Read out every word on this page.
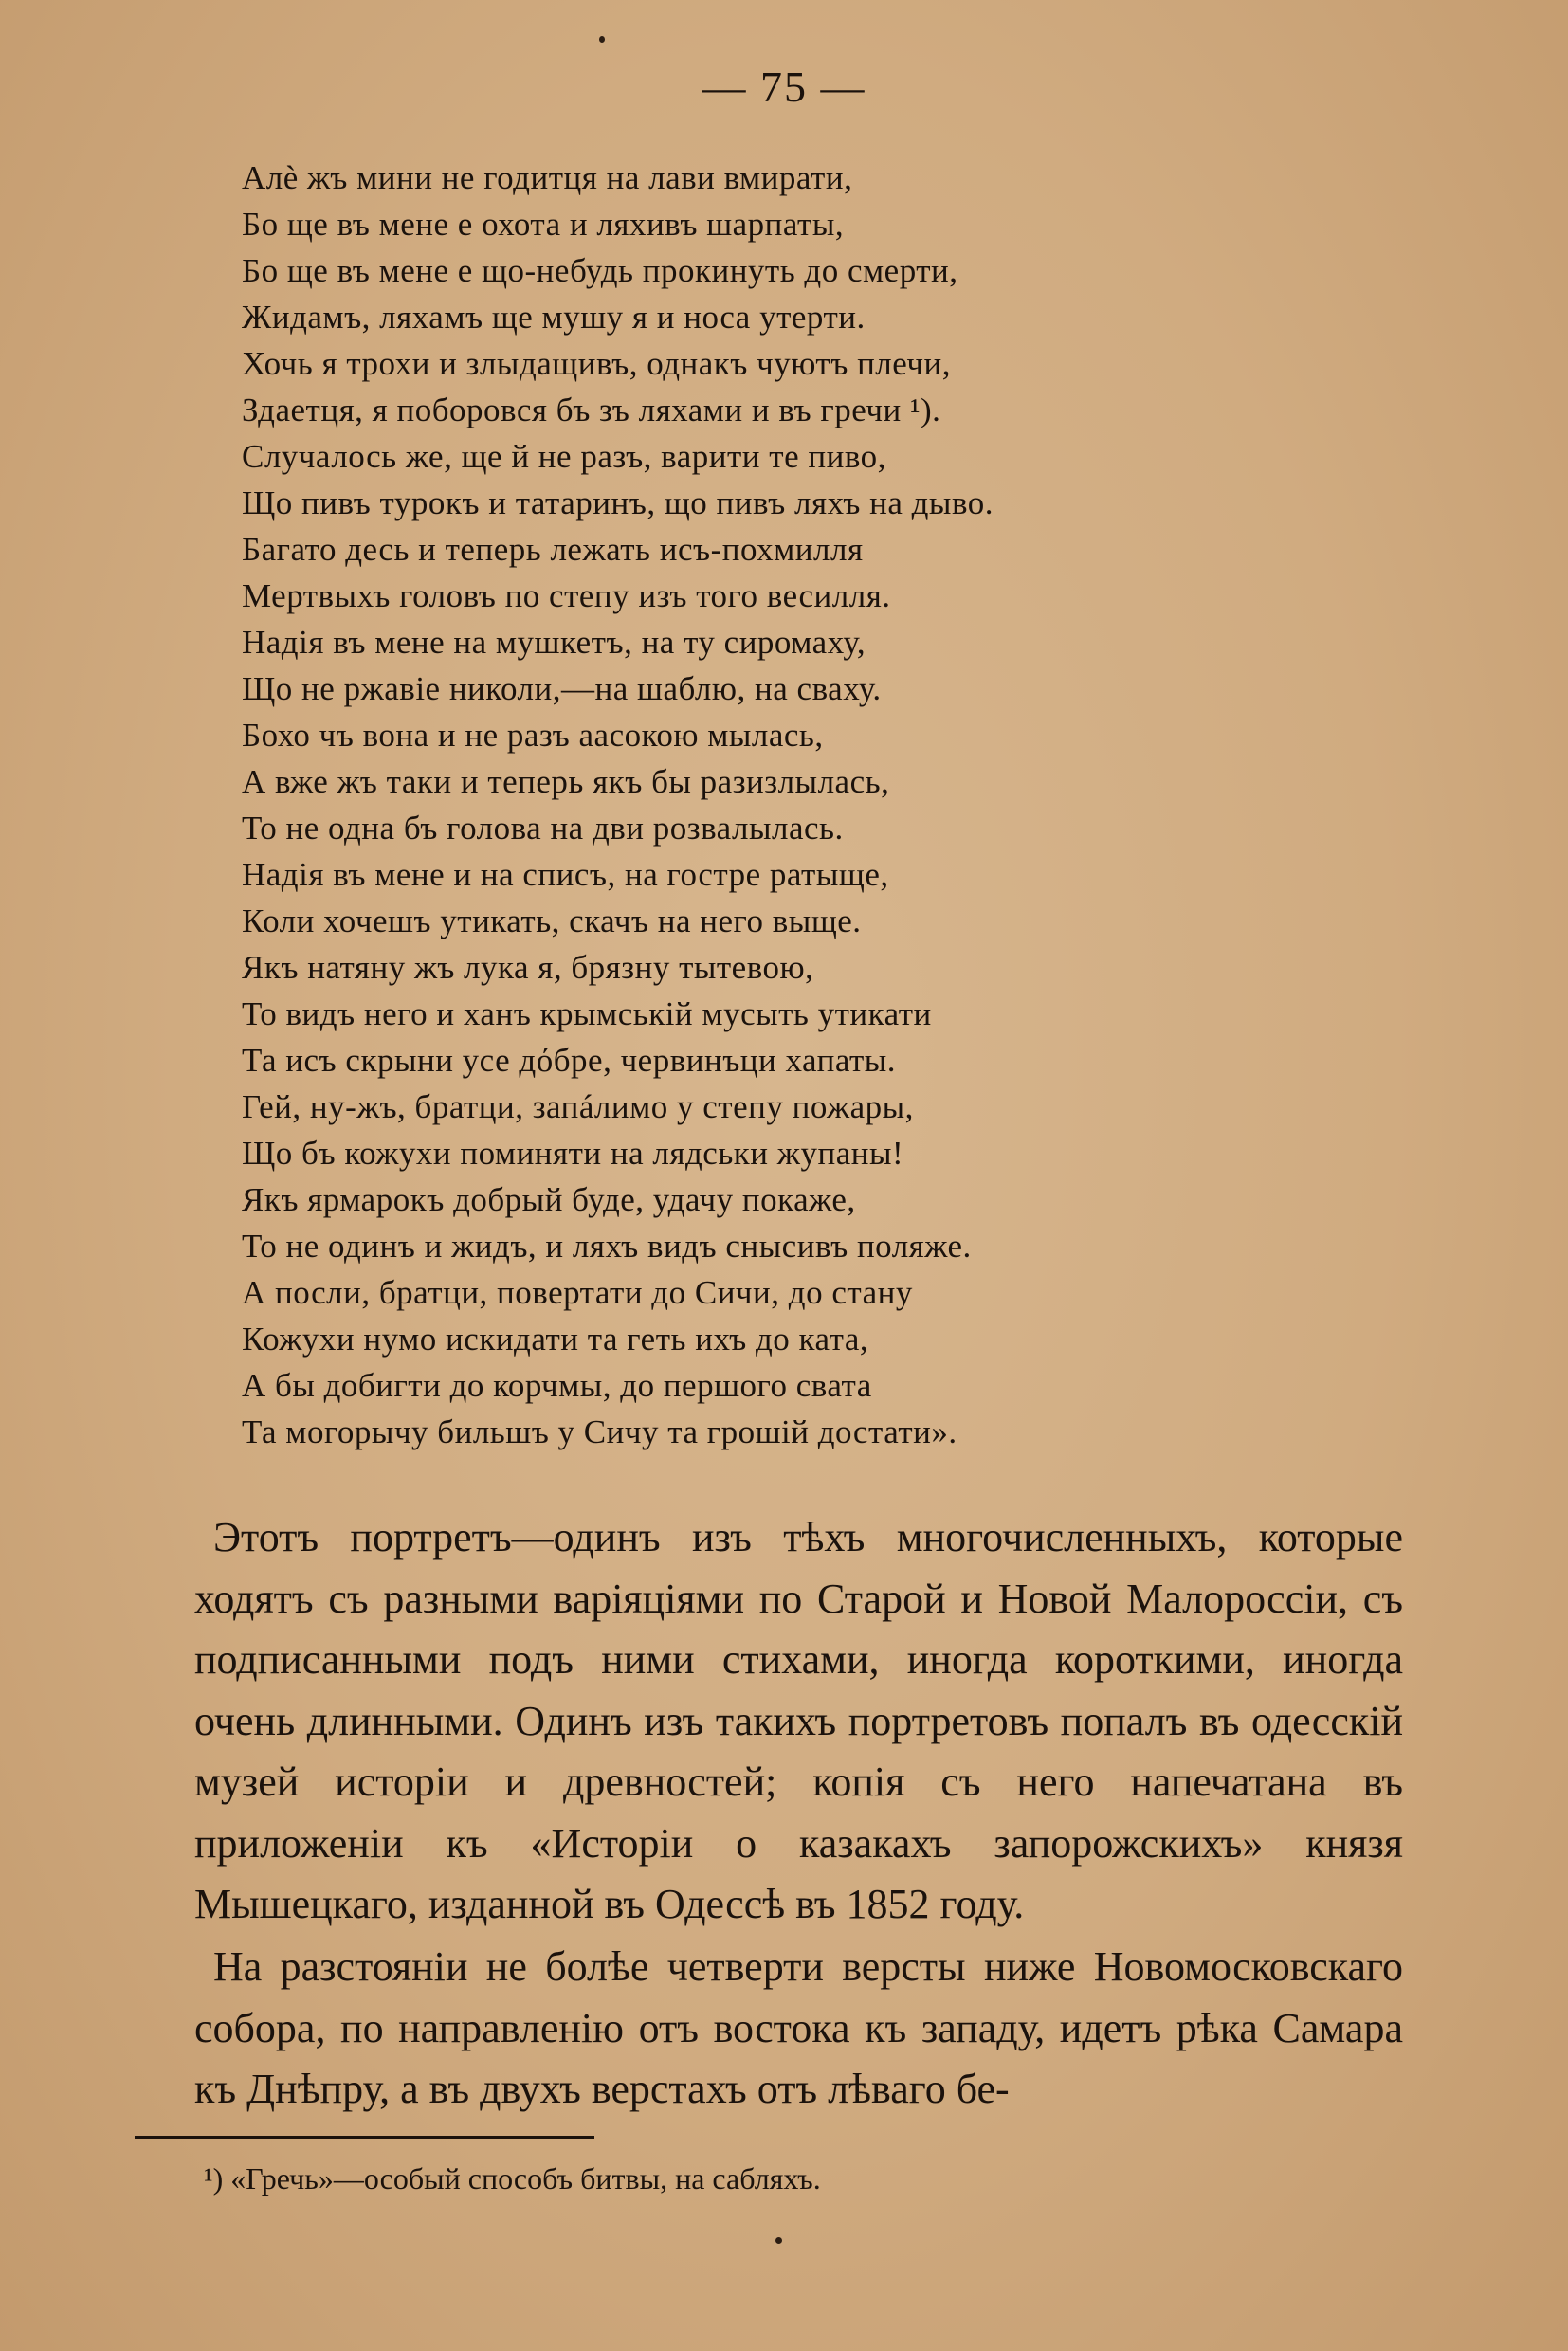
— 75 —
Алè жъ мини не годитця на лави вмирати,
Бо ще въ мене е охота и ляхивъ шарпаты,
Бо ще въ мене е що-небудь прокинуть до смерти,
Жидамъ, ляхамъ ще мушу я и носа утерти.
Хочь я трохи и злыдащивъ, однакъ чуютъ плечи,
Здаетця, я поборовся бъ зъ ляхами и въ гречи ¹).
Случалось же, ще й не разъ, варити те пиво,
Що пивъ турокъ и татаринъ, що пивъ ляхъ на дыво.
Багато десь и теперь лежать исъ-похмилля
Мертвыхъ головъ по степу изъ того весилля.
Надія въ мене на мушкетъ, на ту сиромаху,
Що не ржавіе николи,—на шаблю, на сваху.
Бохо чъ вона и не разъ аасокою мылась,
А вже жъ таки и теперь якъ бы разизлылась,
То не одна бъ голова на дви розвалылась.
Надія въ мене и на списъ, на гостре ратыще,
Коли хочешъ утикать, скачъ на него выще.
Якъ натяну жъ лука я, брязну тытевою,
То видъ него и ханъ крымській мусыть утикати
Та исъ скрыни усе дόбре, червинъци хапаты.
Гей, ну-жъ, братци, запáлимо у степу пожары,
Що бъ кожухи поминяти на лядськи жупаны!
Якъ ярмарокъ добрый буде, удачу покаже,
То не одинъ и жидъ, и ляхъ видъ снысивъ поляже.
А посли, братци, повертати до Сичи, до стану
Кожухи нумо искидати та геть ихъ до ката,
А бы добигти до корчмы, до першого свата
Та могорычу бильшъ у Сичу та грошій достати».

Этотъ портретъ—одинъ изъ тѣхъ многочисленныхъ, которые ходятъ съ разными варіяціями по Старой и Новой Малороссіи, съ подписанными подъ ними стихами, иногда короткими, иногда очень длинными. Одинъ изъ такихъ портретовъ попалъ въ одесскій музей исторіи и древностей; копія съ него напечатана въ приложеніи къ «Исторіи о казакахъ запорожскихъ» князя Мышецкаго, изданной въ Одессѣ въ 1852 году.

На разстояніи не болѣе четверти версты ниже Новомосковскаго собора, по направленію отъ востока къ западу, идетъ рѣка Самара къ Днѣпру, а въ двухъ верстахъ отъ лѣваго бе-

¹) «Гречь»—особый способъ битвы, на сабляхъ.
